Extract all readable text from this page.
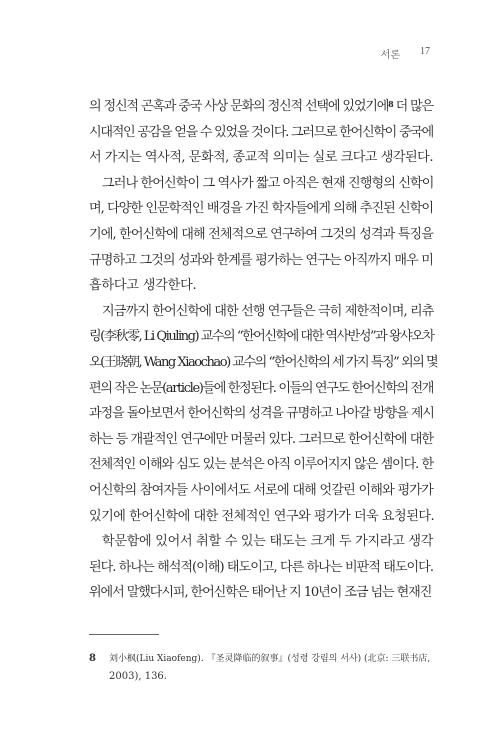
서론 17
의 정신적 곤혹과 중국 사상 문화의 정신적 선택에 있었기에$^8$ 더 많은
시대적인 공감을 얻을 수 있었을 것이다. 그러므로 한어신학이 중국에
서 가지는 역사적, 문화적, 종교적 의미는 실로 크다고 생각된다.
그러나 한어신학이 그 역사가 짧고 아직은 현재 진행형의 신학이
며, 다양한 인문학적인 배경을 가진 학자들에게 의해 추진된 신학이
기에, 한어신학에 대해 전체적으로 연구하여 그것의 성격과 특징을
규명하고 그것의 성과와 한계를 평가하는 연구는 아직까지 매우 미
흡하다고 생각한다.
지금까지 한어신학에 대한 선행 연구들은 극히 제한적이며, 리츄
링(李秋零, Li Qiuling) 교수의 “한어신학에 대한 역사반성”과 왕샤오차
오(王晓朝, Wang Xiaochao) 교수의 “한어신학의 세 가지 특징” 외의 몇
편의 작은 논문(article)들에 한정된다. 이들의 연구도 한어신학의 전개
과정을 돌아보면서 한어신학의 성격을 규명하고 나아갈 방향을 제시
하는 등 개괄적인 연구에만 머물러 있다. 그러므로 한어신학에 대한
전체적인 이해와 심도 있는 분석은 아직 이루어지지 않은 셈이다. 한
어신학의 참여자들 사이에서도 서로에 대해 엇갈린 이해와 평가가
있기에 한어신학에 대한 전체적인 연구와 평가가 더욱 요청된다.
학문함에 있어서 취할 수 있는 태도는 크게 두 가지라고 생각
된다. 하나는 해석적(이해) 태도이고, 다른 하나는 비판적 태도이다.
위에서 말했다시피, 한어신학은 태어난 지 10년이 조금 넘는 현재진
8	刘小枫(Liu Xiaofeng). 『圣灵降临的叙事』(성령 강림의 서사) (北京: 三联书店,
2003), 136.
